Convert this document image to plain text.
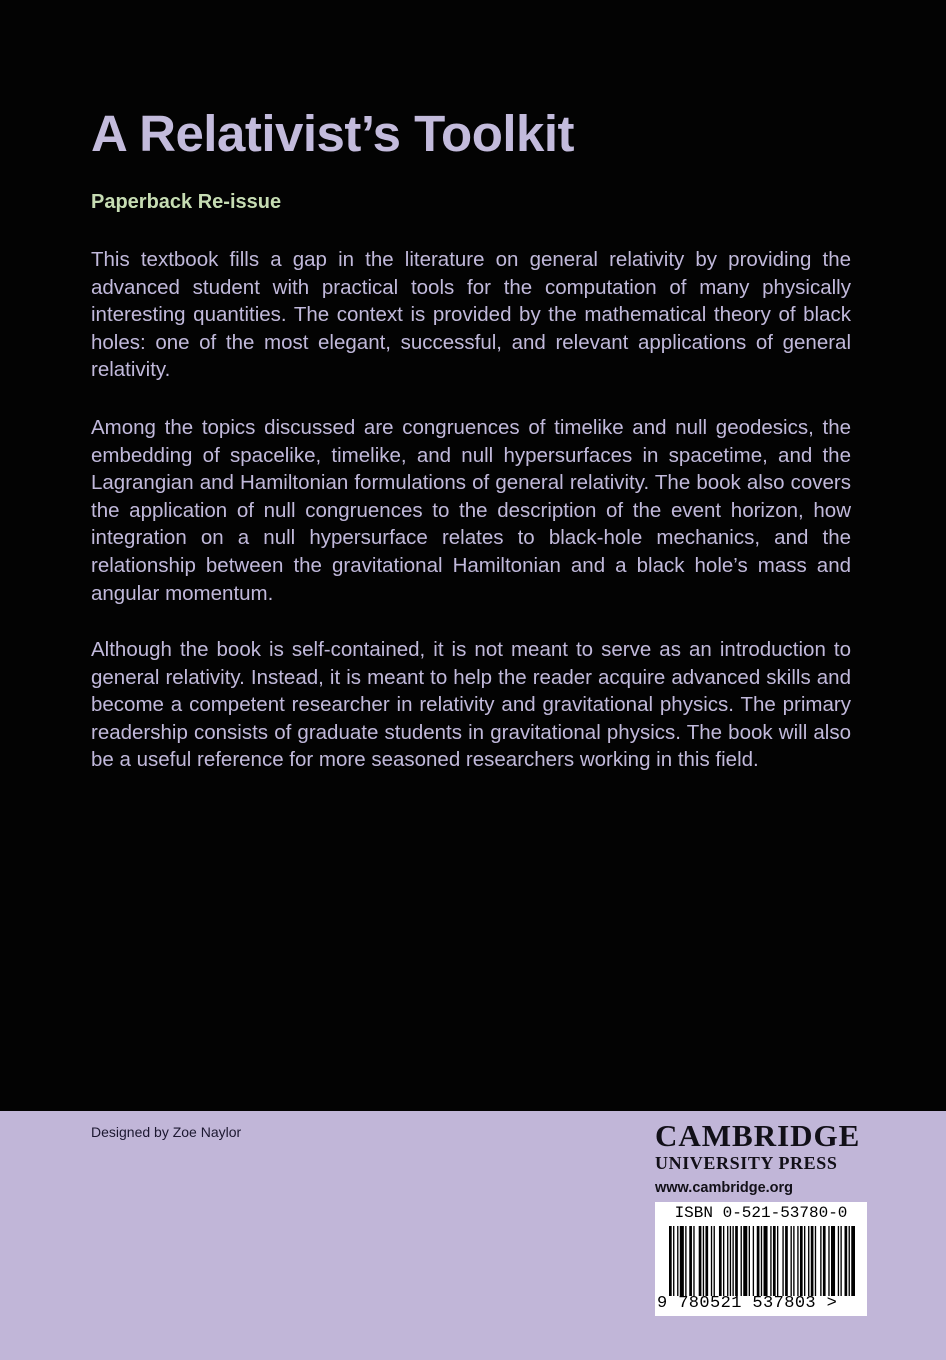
A Relativist’s Toolkit
Paperback Re-issue

This textbook fills a gap in the literature on general relativity by providing the advanced student with practical tools for the computation of many physically interesting quantities. The context is provided by the mathematical theory of black holes: one of the most elegant, successful, and relevant applications of general relativity.

Among the topics discussed are congruences of timelike and null geodesics, the embedding of spacelike, timelike, and null hypersurfaces in spacetime, and the Lagrangian and Hamiltonian formulations of general relativity. The book also covers the application of null congruences to the description of the event horizon, how integration on a null hypersurface relates to black-hole mechanics, and the relationship between the gravitational Hamiltonian and a black hole’s mass and angular momentum.

Although the book is self-contained, it is not meant to serve as an introduction to general relativity. Instead, it is meant to help the reader acquire advanced skills and become a competent researcher in relativity and gravitational physics. The primary readership consists of graduate students in gravitational physics. The book will also be a useful reference for more seasoned researchers working in this field.

Designed by Zoe Naylor	CAMBRIDGE
UNIVERSITY PRESS
www.cambridge.org
ISBN 0-521-53780-0
9 780521 537803 >
